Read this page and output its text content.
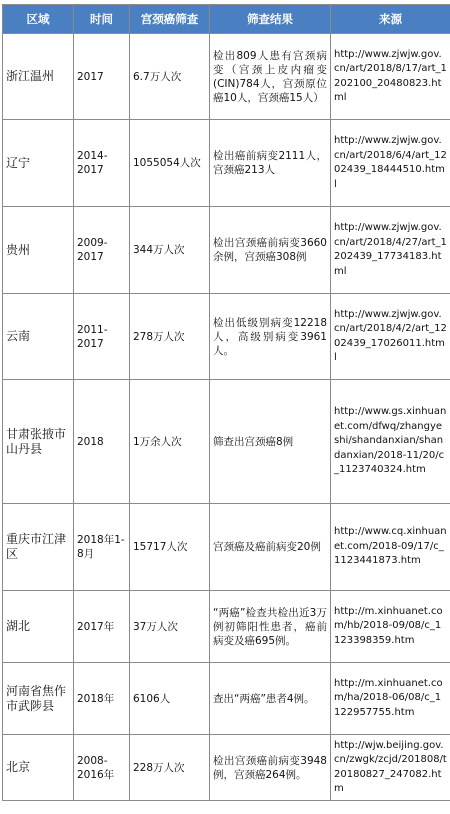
区域	时间	宫颈癌筛查	筛查结果	来源
浙江温州	2017	6.7万人次	检出809人患有宫颈病变（宫颈上皮内瘤变(CIN)784人，宫颈原位癌10人，宫颈癌15人）	http://www.zjwjw.gov.cn/art/2018/8/17/art_1202100_20480823.html
辽宁	2014-2017	1055054人次	检出癌前病变2111人，宫颈癌213人	http://www.zjwjw.gov.cn/art/2018/6/4/art_1202439_18444510.html
贵州	2009-2017	344万人次	检出宫颈癌前病变3660余例，宫颈癌308例	http://www.zjwjw.gov.cn/art/2018/4/27/art_1202439_17734183.html
云南	2011-2017	278万人次	检出低级别病变12218人，高级别病变3961人。	http://www.zjwjw.gov.cn/art/2018/4/2/art_1202439_17026011.html
甘肃张掖市山丹县	2018	1万余人次	筛查出宫颈癌8例	http://www.gs.xinhuanet.com/dfwq/zhangyeshi/shandanxian/shandanxian/2018-11/20/c_1123740324.htm
重庆市江津区	2018年1-8月	15717人次	宫颈癌及癌前病变20例	http://www.cq.xinhuanet.com/2018-09/17/c_1123441873.htm
湖北	2017年	37万人次	“两癌”检查共检出近3万例初筛阳性患者，癌前病变及癌695例。	http://m.xinhuanet.com/hb/2018-09/08/c_1123398359.htm
河南省焦作市武陟县	2018年	6106人	查出“两癌”患者4例。	http://m.xinhuanet.com/ha/2018-06/08/c_1122957755.htm
北京	2008-2016年	228万人次	检出宫颈癌前病变3948例，宫颈癌264例。	http://wjw.beijing.gov.cn/zwgk/zcjd/201808/t20180827_247082.htm
